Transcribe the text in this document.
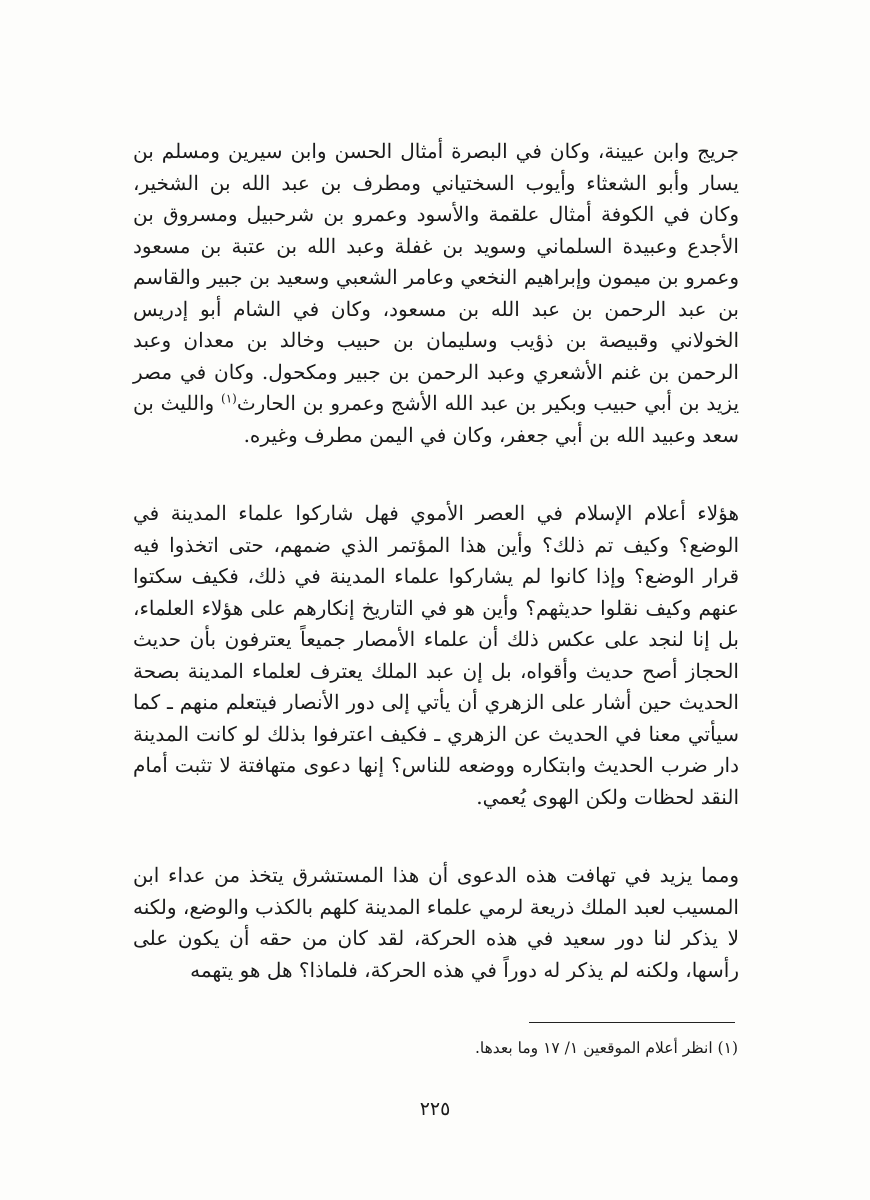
جريج وابن عيينة، وكان في البصرة أمثال الحسن وابن سيرين ومسلم بن يسار وأبو الشعثاء وأيوب السختياني ومطرف بن عبد الله بن الشخير، وكان في الكوفة أمثال علقمة والأسود وعمرو بن شرحبيل ومسروق بن الأجدع وعبيدة السلماني وسويد بن غفلة وعبد الله بن عتبة بن مسعود وعمرو بن ميمون وإبراهيم النخعي وعامر الشعبي وسعيد بن جبير والقاسم بن عبد الرحمن بن عبد الله بن مسعود، وكان في الشام أبو إدريس الخولاني وقبيصة بن ذؤيب وسليمان بن حبيب وخالد بن معدان وعبد الرحمن بن غنم الأشعري وعبد الرحمن بن جبير ومكحول. وكان في مصر يزيد بن أبي حبيب وبكير بن عبد الله الأشج وعمرو بن الحارث$^{(١)}$ والليث بن سعد وعبيد الله بن أبي جعفر، وكان في اليمن مطرف وغيره.

هؤلاء أعلام الإسلام في العصر الأموي فهل شاركوا علماء المدينة في الوضع؟ وكيف تم ذلك؟ وأين هذا المؤتمر الذي ضمهم، حتى اتخذوا فيه قرار الوضع؟ وإذا كانوا لم يشاركوا علماء المدينة في ذلك، فكيف سكتوا عنهم وكيف نقلوا حديثهم؟ وأين هو في التاريخ إنكارهم على هؤلاء العلماء، بل إنا لنجد على عكس ذلك أن علماء الأمصار جميعاً يعترفون بأن حديث الحجاز أصح حديث وأقواه، بل إن عبد الملك يعترف لعلماء المدينة بصحة الحديث حين أشار على الزهري أن يأتي إلى دور الأنصار فيتعلم منهم ـ كما سيأتي معنا في الحديث عن الزهري ـ فكيف اعترفوا بذلك لو كانت المدينة دار ضرب الحديث وابتكاره ووضعه للناس؟ إنها دعوى متهافتة لا تثبت أمام النقد لحظات ولكن الهوى يُعمي.

ومما يزيد في تهافت هذه الدعوى أن هذا المستشرق يتخذ من عداء ابن المسيب لعبد الملك ذريعة لرمي علماء المدينة كلهم بالكذب والوضع، ولكنه لا يذكر لنا دور سعيد في هذه الحركة، لقد كان من حقه أن يكون على رأسها، ولكنه لم يذكر له دوراً في هذه الحركة، فلماذا؟ هل هو يتهمه

(١) انظر أعلام الموقعين ١/ ١٧ وما بعدها.
٢٢٥
